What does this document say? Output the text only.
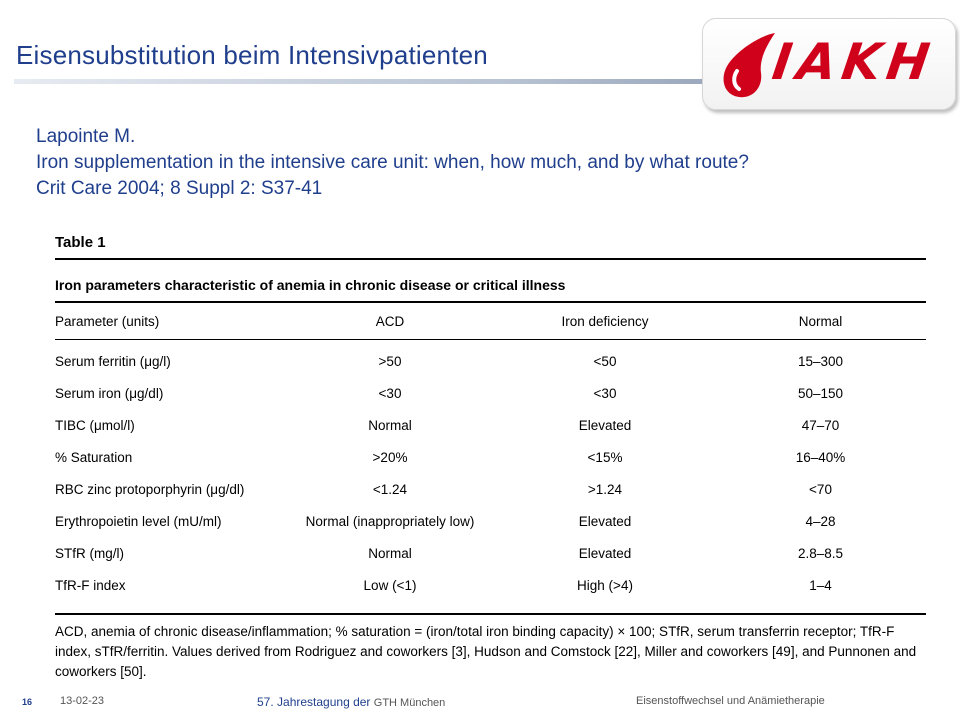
Eisensubstitution beim Intensivpatienten	IAKH
Lapointe M.
Iron supplementation in the intensive care unit: when, how much, and by what route?
Crit Care 2004; 8 Suppl 2: S37-41
Table 1
Iron parameters characteristic of anemia in chronic disease or critical illness
Parameter (units)	ACD	Iron deficiency	Normal
Serum ferritin (μg/l)	>50	<50	15–300
Serum iron (μg/dl)	<30	<30	50–150
TIBC (μmol/l)	Normal	Elevated	47–70
% Saturation	>20%	<15%	16–40%
RBC zinc protoporphyrin (μg/dl)	<1.24	>1.24	<70
Erythropoietin level (mU/ml)	Normal (inappropriately low)	Elevated	4–28
STfR (mg/l)	Normal	Elevated	2.8–8.5
TfR-F index	Low (<1)	High (>4)	1–4
ACD, anemia of chronic disease/inflammation; % saturation = (iron/total iron binding capacity) × 100; STfR, serum transferrin receptor; TfR-F index, sTfR/ferritin. Values derived from Rodriguez and coworkers [3], Hudson and Comstock [22], Miller and coworkers [49], and Punnonen and coworkers [50].
16	13-02-23	57. Jahrestagung der GTH München	Eisenstoffwechsel und Anämietherapie
